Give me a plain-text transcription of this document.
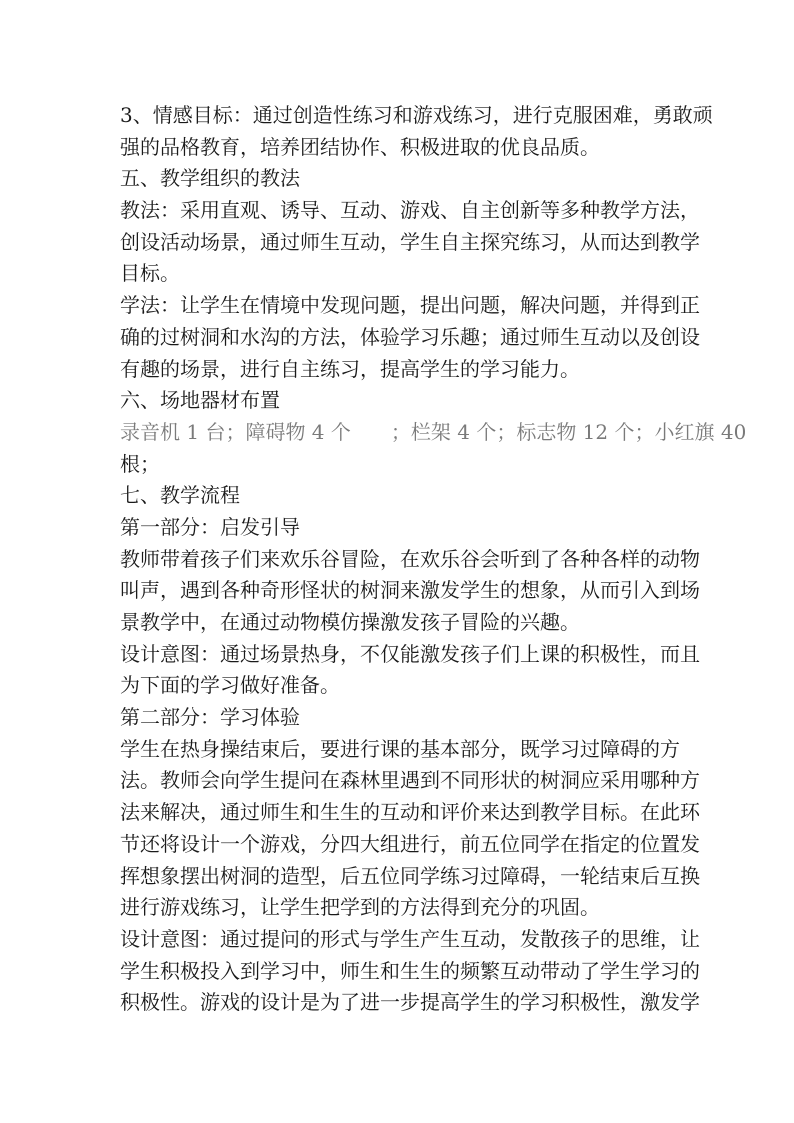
3、情感目标：通过创造性练习和游戏练习，进行克服困难，勇敢顽
强的品格教育，培养团结协作、积极进取的优良品质。
五、教学组织的教法
教法：采用直观、诱导、互动、游戏、自主创新等多种教学方法，
创设活动场景，通过师生互动，学生自主探究练习，从而达到教学
目标。
学法：让学生在情境中发现问题，提出问题，解决问题，并得到正
确的过树洞和水沟的方法，体验学习乐趣；通过师生互动以及创设
有趣的场景，进行自主练习，提高学生的学习能力。
六、场地器材布置
录音机 1 台；障碍物 4 个　　；栏架 4 个；标志物 12 个；小红旗 40
根；
七、教学流程
第一部分：启发引导
教师带着孩子们来欢乐谷冒险，在欢乐谷会听到了各种各样的动物
叫声，遇到各种奇形怪状的树洞来激发学生的想象，从而引入到场
景教学中，在通过动物模仿操激发孩子冒险的兴趣。
设计意图：通过场景热身，不仅能激发孩子们上课的积极性，而且
为下面的学习做好准备。
第二部分：学习体验
学生在热身操结束后，要进行课的基本部分，既学习过障碍的方
法。教师会向学生提问在森林里遇到不同形状的树洞应采用哪种方
法来解决，通过师生和生生的互动和评价来达到教学目标。在此环
节还将设计一个游戏，分四大组进行，前五位同学在指定的位置发
挥想象摆出树洞的造型，后五位同学练习过障碍，一轮结束后互换
进行游戏练习，让学生把学到的方法得到充分的巩固。
设计意图：通过提问的形式与学生产生互动，发散孩子的思维，让
学生积极投入到学习中，师生和生生的频繁互动带动了学生学习的
积极性。游戏的设计是为了进一步提高学生的学习积极性，激发学
